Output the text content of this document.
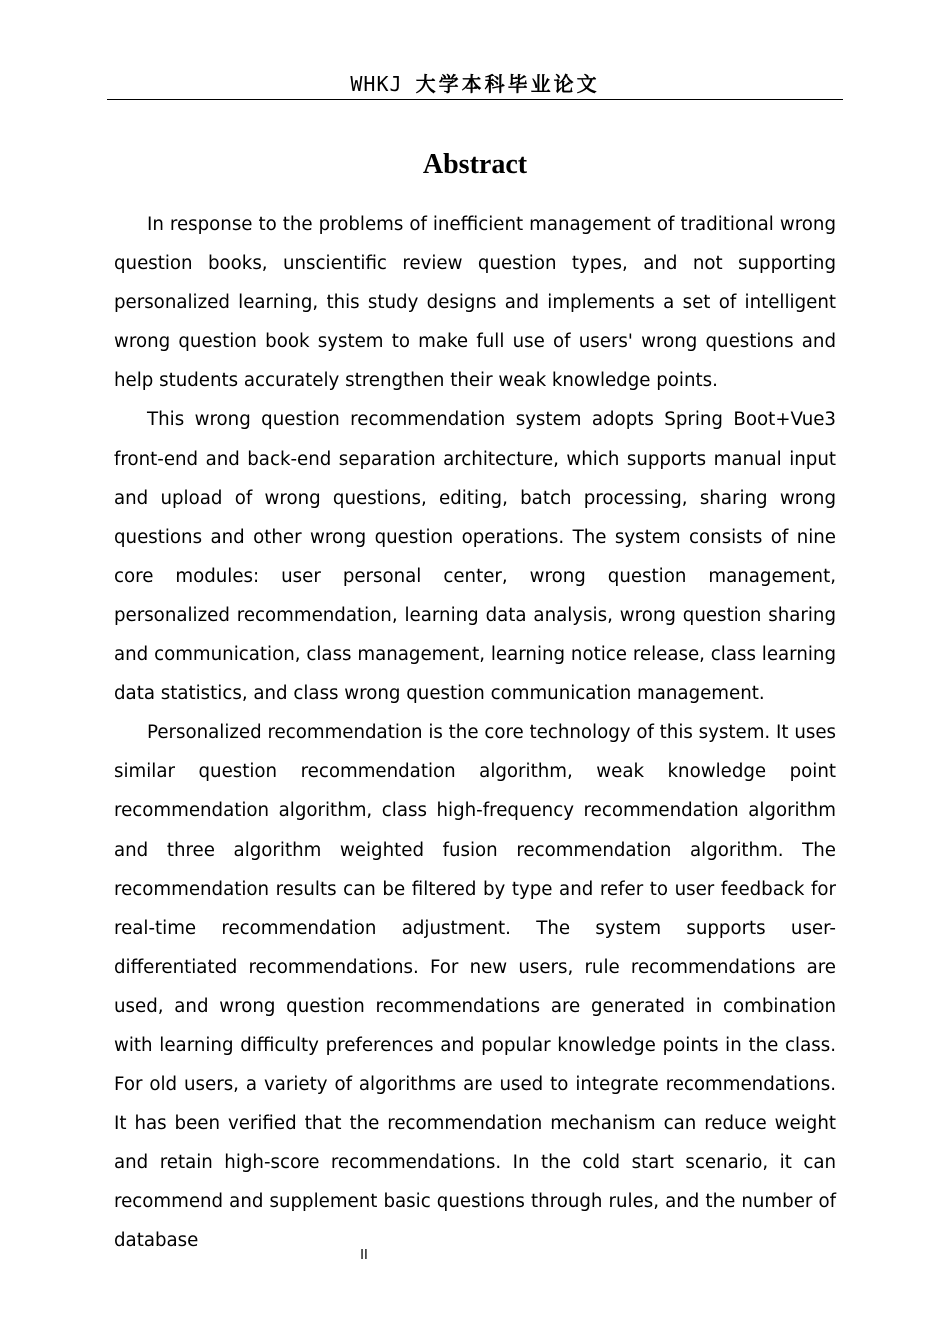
WHKJ 大学本科毕业论文
Abstract

In response to the problems of inefficient management of traditional wrong question books, unscientific review question types, and not supporting personalized learning, this study designs and implements a set of intelligent wrong question book system to make full use of users' wrong questions and help students accurately strengthen their weak knowledge points.

This wrong question recommendation system adopts Spring Boot+Vue3 front-end and back-end separation architecture, which supports manual input and upload of wrong questions, editing, batch processing, sharing wrong questions and other wrong question operations. The system consists of nine core modules: user personal center, wrong question management, personalized recommendation, learning data analysis, wrong question sharing and communication, class management, learning notice release, class learning data statistics, and class wrong question communication management.

Personalized recommendation is the core technology of this system. It uses similar question recommendation algorithm, weak knowledge point recommendation algorithm, class high-frequency recommendation algorithm and three algorithm weighted fusion recommendation algorithm. The recommendation results can be filtered by type and refer to user feedback for real-time recommendation adjustment. The system supports user-differentiated recommendations. For new users, rule recommendations are used, and wrong question recommendations are generated in combination with learning difficulty preferences and popular knowledge points in the class. For old users, a variety of algorithms are used to integrate recommendations. It has been verified that the recommendation mechanism can reduce weight and retain high-score recommendations. In the cold start scenario, it can recommend and supplement basic questions through rules, and the number of database

II
